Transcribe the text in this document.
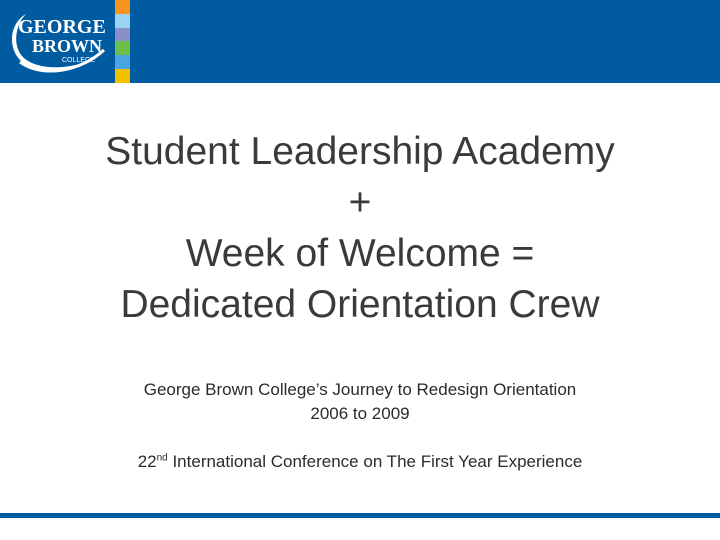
GEORGE
BROWN
COLLEGE
Student Leadership Academy
+
Week of Welcome =
Dedicated Orientation Crew

George Brown College’s Journey to Redesign Orientation
2006 to 2009

22nd International Conference on The First Year Experience
